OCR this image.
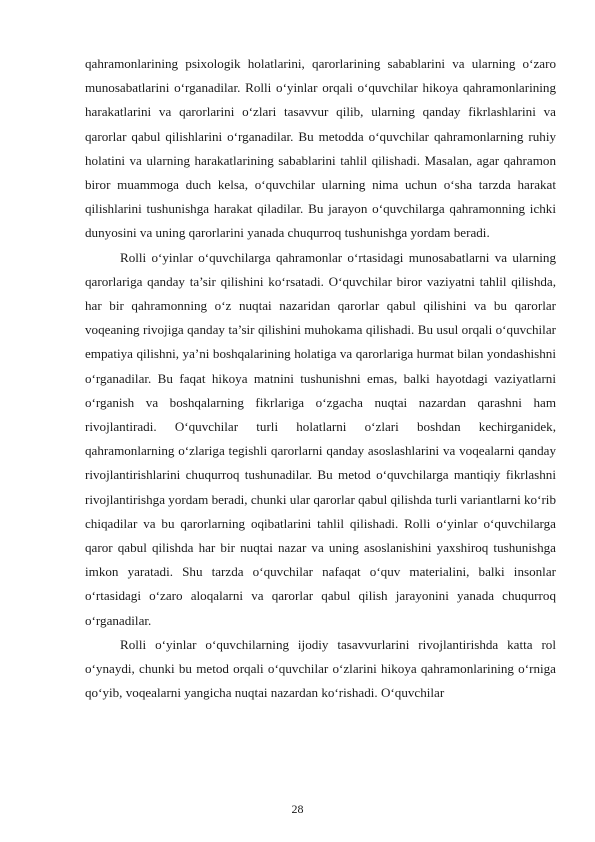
qahramonlarining psixologik holatlarini, qarorlarining sabablarini va ularning o‘zaro munosabatlarini o‘rganadilar. Rolli o‘yinlar orqali o‘quvchilar hikoya qahramonlarining harakatlarini va qarorlarini o‘zlari tasavvur qilib, ularning qanday fikrlashlarini va qarorlar qabul qilishlarini o‘rganadilar. Bu metodda o‘quvchilar qahramonlarning ruhiy holatini va ularning harakatlarining sabablarini tahlil qilishadi. Masalan, agar qahramon biror muammoga duch kelsa, o‘quvchilar ularning nima uchun o‘sha tarzda harakat qilishlarini tushunishga harakat qiladilar. Bu jarayon o‘quvchilarga qahramonning ichki dunyosini va uning qarorlarini yanada chuqurroq tushunishga yordam beradi.

Rolli o‘yinlar o‘quvchilarga qahramonlar o‘rtasidagi munosabatlarni va ularning qarorlariga qanday ta’sir qilishini ko‘rsatadi. O‘quvchilar biror vaziyatni tahlil qilishda, har bir qahramonning o‘z nuqtai nazaridan qarorlar qabul qilishini va bu qarorlar voqeaning rivojiga qanday ta’sir qilishini muhokama qilishadi. Bu usul orqali o‘quvchilar empatiya qilishni, ya’ni boshqalarining holatiga va qarorlariga hurmat bilan yondashishni o‘rganadilar. Bu faqat hikoya matnini tushunishni emas, balki hayotdagi vaziyatlarni o‘rganish va boshqalarning fikrlariga o‘zgacha nuqtai nazardan qarashni ham rivojlantiradi. O‘quvchilar turli holatlarni o‘zlari boshdan kechirganidek, qahramonlarning o‘zlariga tegishli qarorlarni qanday asoslashlarini va voqealarni qanday rivojlantirishlarini chuqurroq tushunadilar. Bu metod o‘quvchilarga mantiqiy fikrlashni rivojlantirishga yordam beradi, chunki ular qarorlar qabul qilishda turli variantlarni ko‘rib chiqadilar va bu qarorlarning oqibatlarini tahlil qilishadi. Rolli o‘yinlar o‘quvchilarga qaror qabul qilishda har bir nuqtai nazar va uning asoslanishini yaxshiroq tushunishga imkon yaratadi. Shu tarzda o‘quvchilar nafaqat o‘quv materialini, balki insonlar o‘rtasidagi o‘zaro aloqalarni va qarorlar qabul qilish jarayonini yanada chuqurroq o‘rganadilar.

Rolli o‘yinlar o‘quvchilarning ijodiy tasavvurlarini rivojlantirishda katta rol o‘ynaydi, chunki bu metod orqali o‘quvchilar o‘zlarini hikoya qahramonlarining o‘rniga qo‘yib, voqealarni yangicha nuqtai nazardan ko‘rishadi. O‘quvchilar

28
